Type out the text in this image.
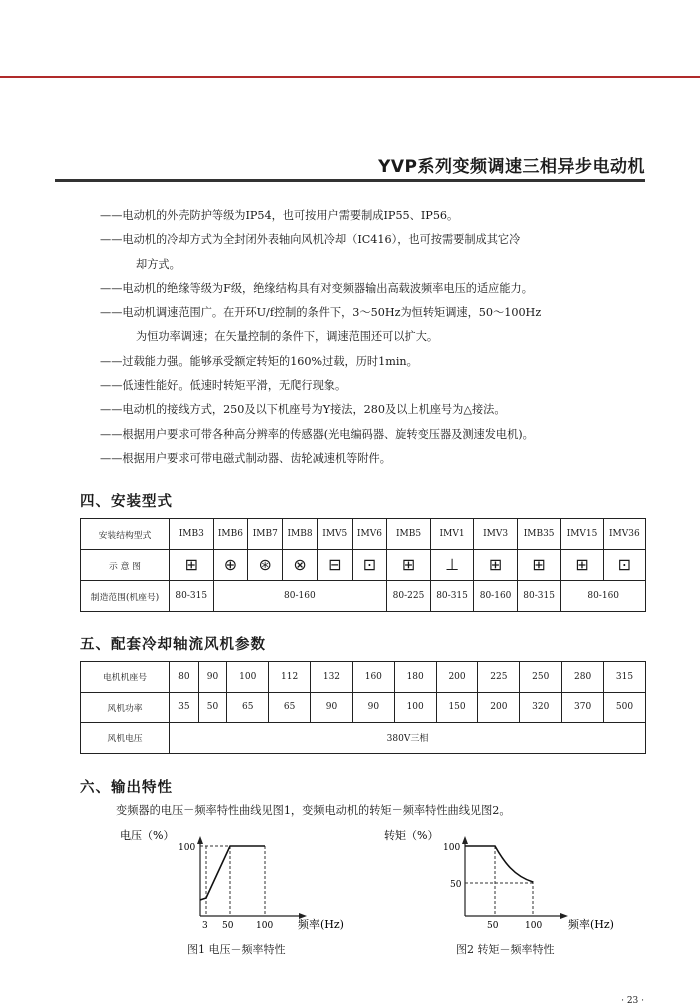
YVP系列变频调速三相异步电动机
——电动机的外壳防护等级为IP54，也可按用户需要制成IP55、IP56。
——电动机的冷却方式为全封闭外表轴向风机冷却（IC416），也可按需要制成其它冷
却方式。
——电动机的绝缘等级为F级，绝缘结构具有对变频器输出高载波频率电压的适应能力。
——电动机调速范围广。在开环U/f控制的条件下，3～50Hz为恒转矩调速，50～100Hz
为恒功率调速；在矢量控制的条件下，调速范围还可以扩大。
——过载能力强。能够承受额定转矩的160%过载，历时1min。
——低速性能好。低速时转矩平滑，无爬行现象。
——电动机的接线方式，250及以下机座号为Y接法，280及以上机座号为△接法。
——根据用户要求可带各种高分辨率的传感器(光电编码器、旋转变压器及测速发电机)。
——根据用户要求可带电磁式制动器、齿轮减速机等附件。
四、安装型式
安装结构型式	IMB3	IMB6	IMB7	IMB8	IMV5	IMV6	IMB5	IMV1	IMV3	IMB35	IMV15	IMV36
示 意 图	⊞	⊕	⊛	⊗	⊟	⊡	⊞	⊥	⊞	⊞	⊞	⊡
制造范围(机座号)	80-315	80-160					80-225	80-315	80-160	80-315	80-160	
五、配套冷却轴流风机参数
电机机座号	80	90	100	112	132	160	180	200	225	250	280	315
风机功率	35	50	65	65	90	90	100	150	200	320	370	500
风机电压	380V三相											
六、输出特性
变频器的电压－频率特性曲线见图1，变频电动机的转矩－频率特性曲线见图2。
电压（%）
100
3 50	100 频率(Hz)
图1 电压－频率特性
转矩（%）
100
50
50	100 频率(Hz)
图2 转矩－频率特性
· 23 ·
